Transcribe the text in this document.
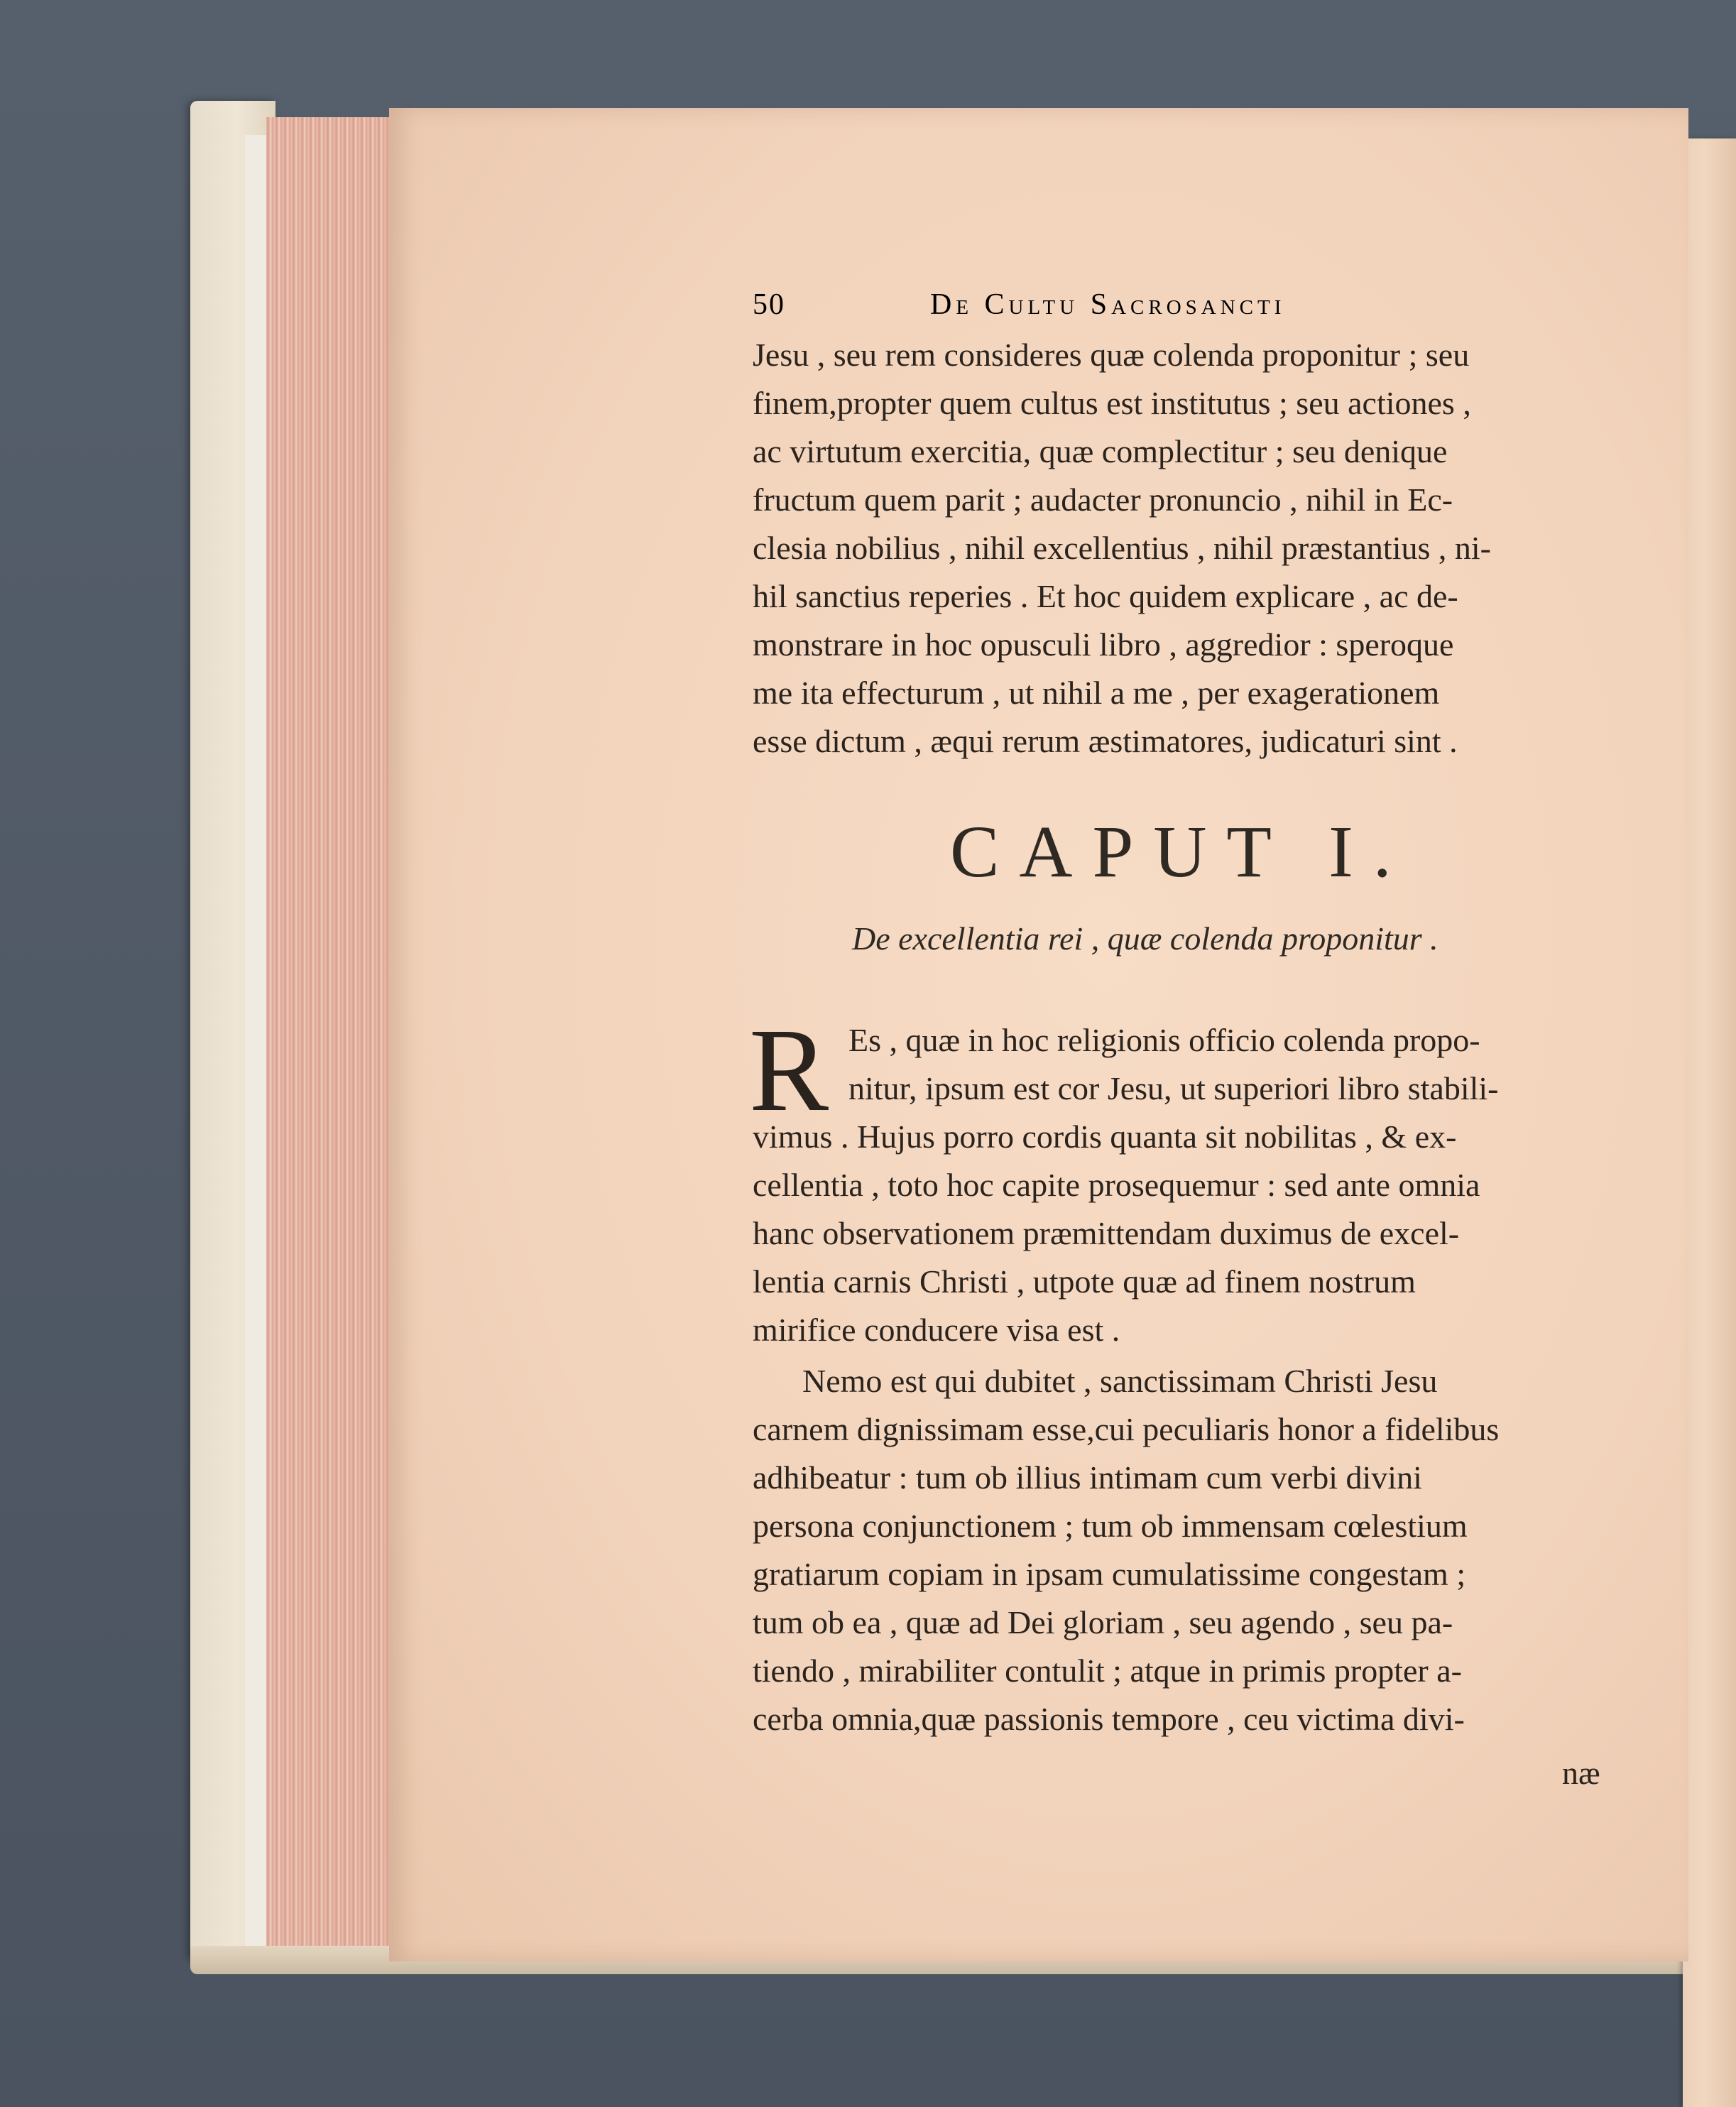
50	De Cultu Sacrosancti
Jesu , seu rem consideres quæ colenda proponitur ; seu
finem,propter quem cultus est institutus ; seu actiones ,
ac virtutum exercitia, quæ complectitur ; seu denique
fructum quem parit ; audacter pronuncio , nihil in Ec-
clesia nobilius , nihil excellentius , nihil præstantius , ni-
hil sanctius reperies . Et hoc quidem explicare , ac de-
monstrare in hoc opusculi libro , aggredior : speroque
me ita effecturum , ut nihil a me , per exagerationem
esse dictum , æqui rerum æstimatores, judicaturi sint .
CAPUT I.
De excellentia rei , quæ colenda proponitur .
R Es , quæ in hoc religionis officio colenda propo-
nitur, ipsum est cor Jesu, ut superiori libro stabili-
vimus . Hujus porro cordis quanta sit nobilitas , & ex-
cellentia , toto hoc capite prosequemur : sed ante omnia
hanc observationem præmittendam duximus de excel-
lentia carnis Christi , utpote quæ ad finem nostrum
mirifice conducere visa est .
Nemo est qui dubitet , sanctissimam Christi Jesu
carnem dignissimam esse,cui peculiaris honor a fidelibus
adhibeatur : tum ob illius intimam cum verbi divini
personа conjunctionem ; tum ob immensam cœlestium
gratiarum copiam in ipsam cumulatissime congestam ;
tum ob ea , quæ ad Dei gloriam , seu agendo , seu pa-
tiendo , mirabiliter contulit ; atque in primis propter a-
cerba omnia,quæ passionis tempore , ceu victima divi-
næ
